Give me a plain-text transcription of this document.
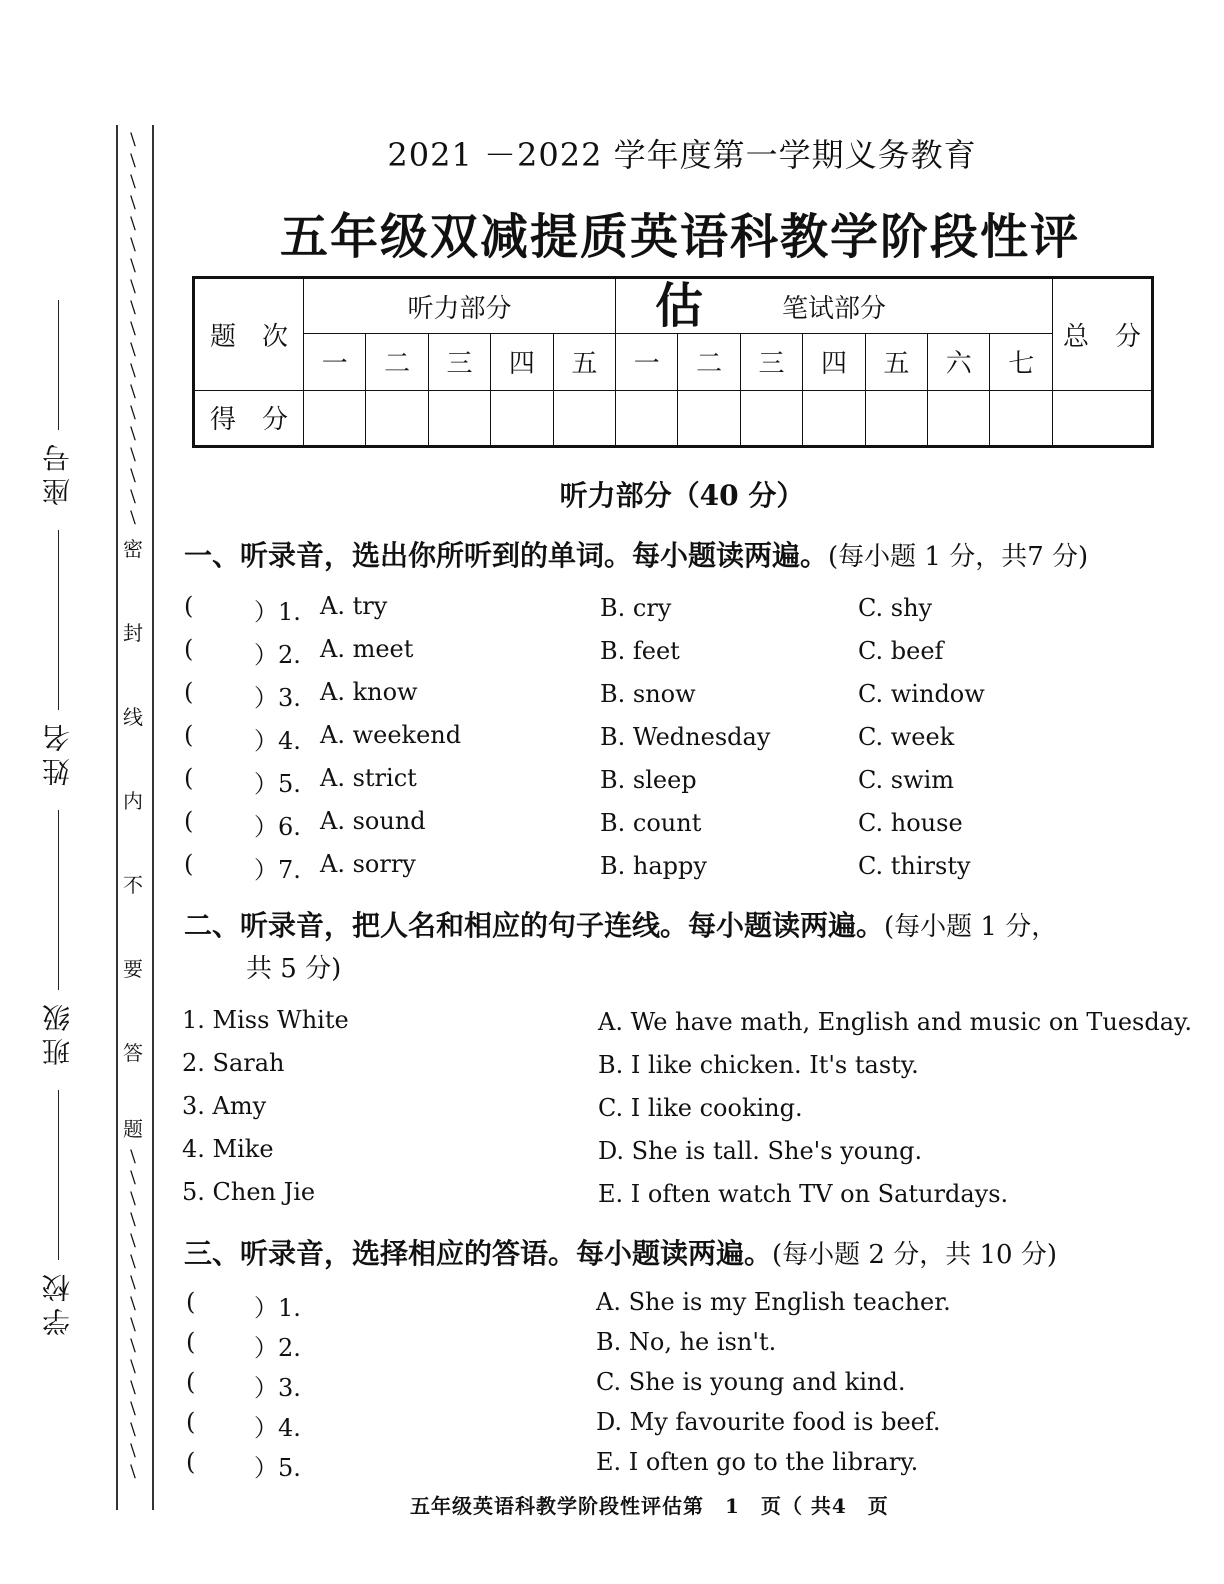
\
\
\
\
\
\
\
\
\
\
\
\
\
\
\
\
\
\
\
密
封
线
内
不
要
答
题
\
\
\
\
\
\
\
\
\
\
\
\
\
\
\
\

座号
姓名
班级
学校
2021 －2022 学年度第一学期义务教育
五年级双减提质英语科教学阶段性评估
题　次	听力部分					笔试部分							总　分
	一	二	三	四	五	一	二	三	四	五	六	七	
得　分													
听力部分（40 分）
一、听录音，选出你所听到的单词。每小题读两遍。(每小题 1 分，共7 分)
(	）1. A. try	B. cry	C. shy
(	）2. A. meet	B. feet	C. beef
(	）3. A. know	B. snow	C. window
(	）4. A. weekend	B. Wednesday	C. week
(	）5. A. strict	B. sleep	C. swim
(	）6. A. sound	B. count	C. house
(	）7. A. sorry	B. happy	C. thirsty
二、听录音，把人名和相应的句子连线。每小题读两遍。(每小题 1 分，
共 5 分)
1. Miss White	A. We have math, English and music on Tuesday.
2. Sarah	B. I like chicken. It's tasty.
3. Amy	C. I like cooking.
4. Mike	D. She is tall. She's young.
5. Chen Jie	E. I often watch TV on Saturdays.
三、听录音，选择相应的答语。每小题读两遍。(每小题 2 分，共 10 分)
( ）1.	A. She is my English teacher.
( ）2.	B. No, he isn't.
( ）3.	C. She is young and kind.
( ）4.	D. My favourite food is beef.
( ）5.	E. I often go to the library.
五年级英语科教学阶段性评估第　1　页（ 共4　页
